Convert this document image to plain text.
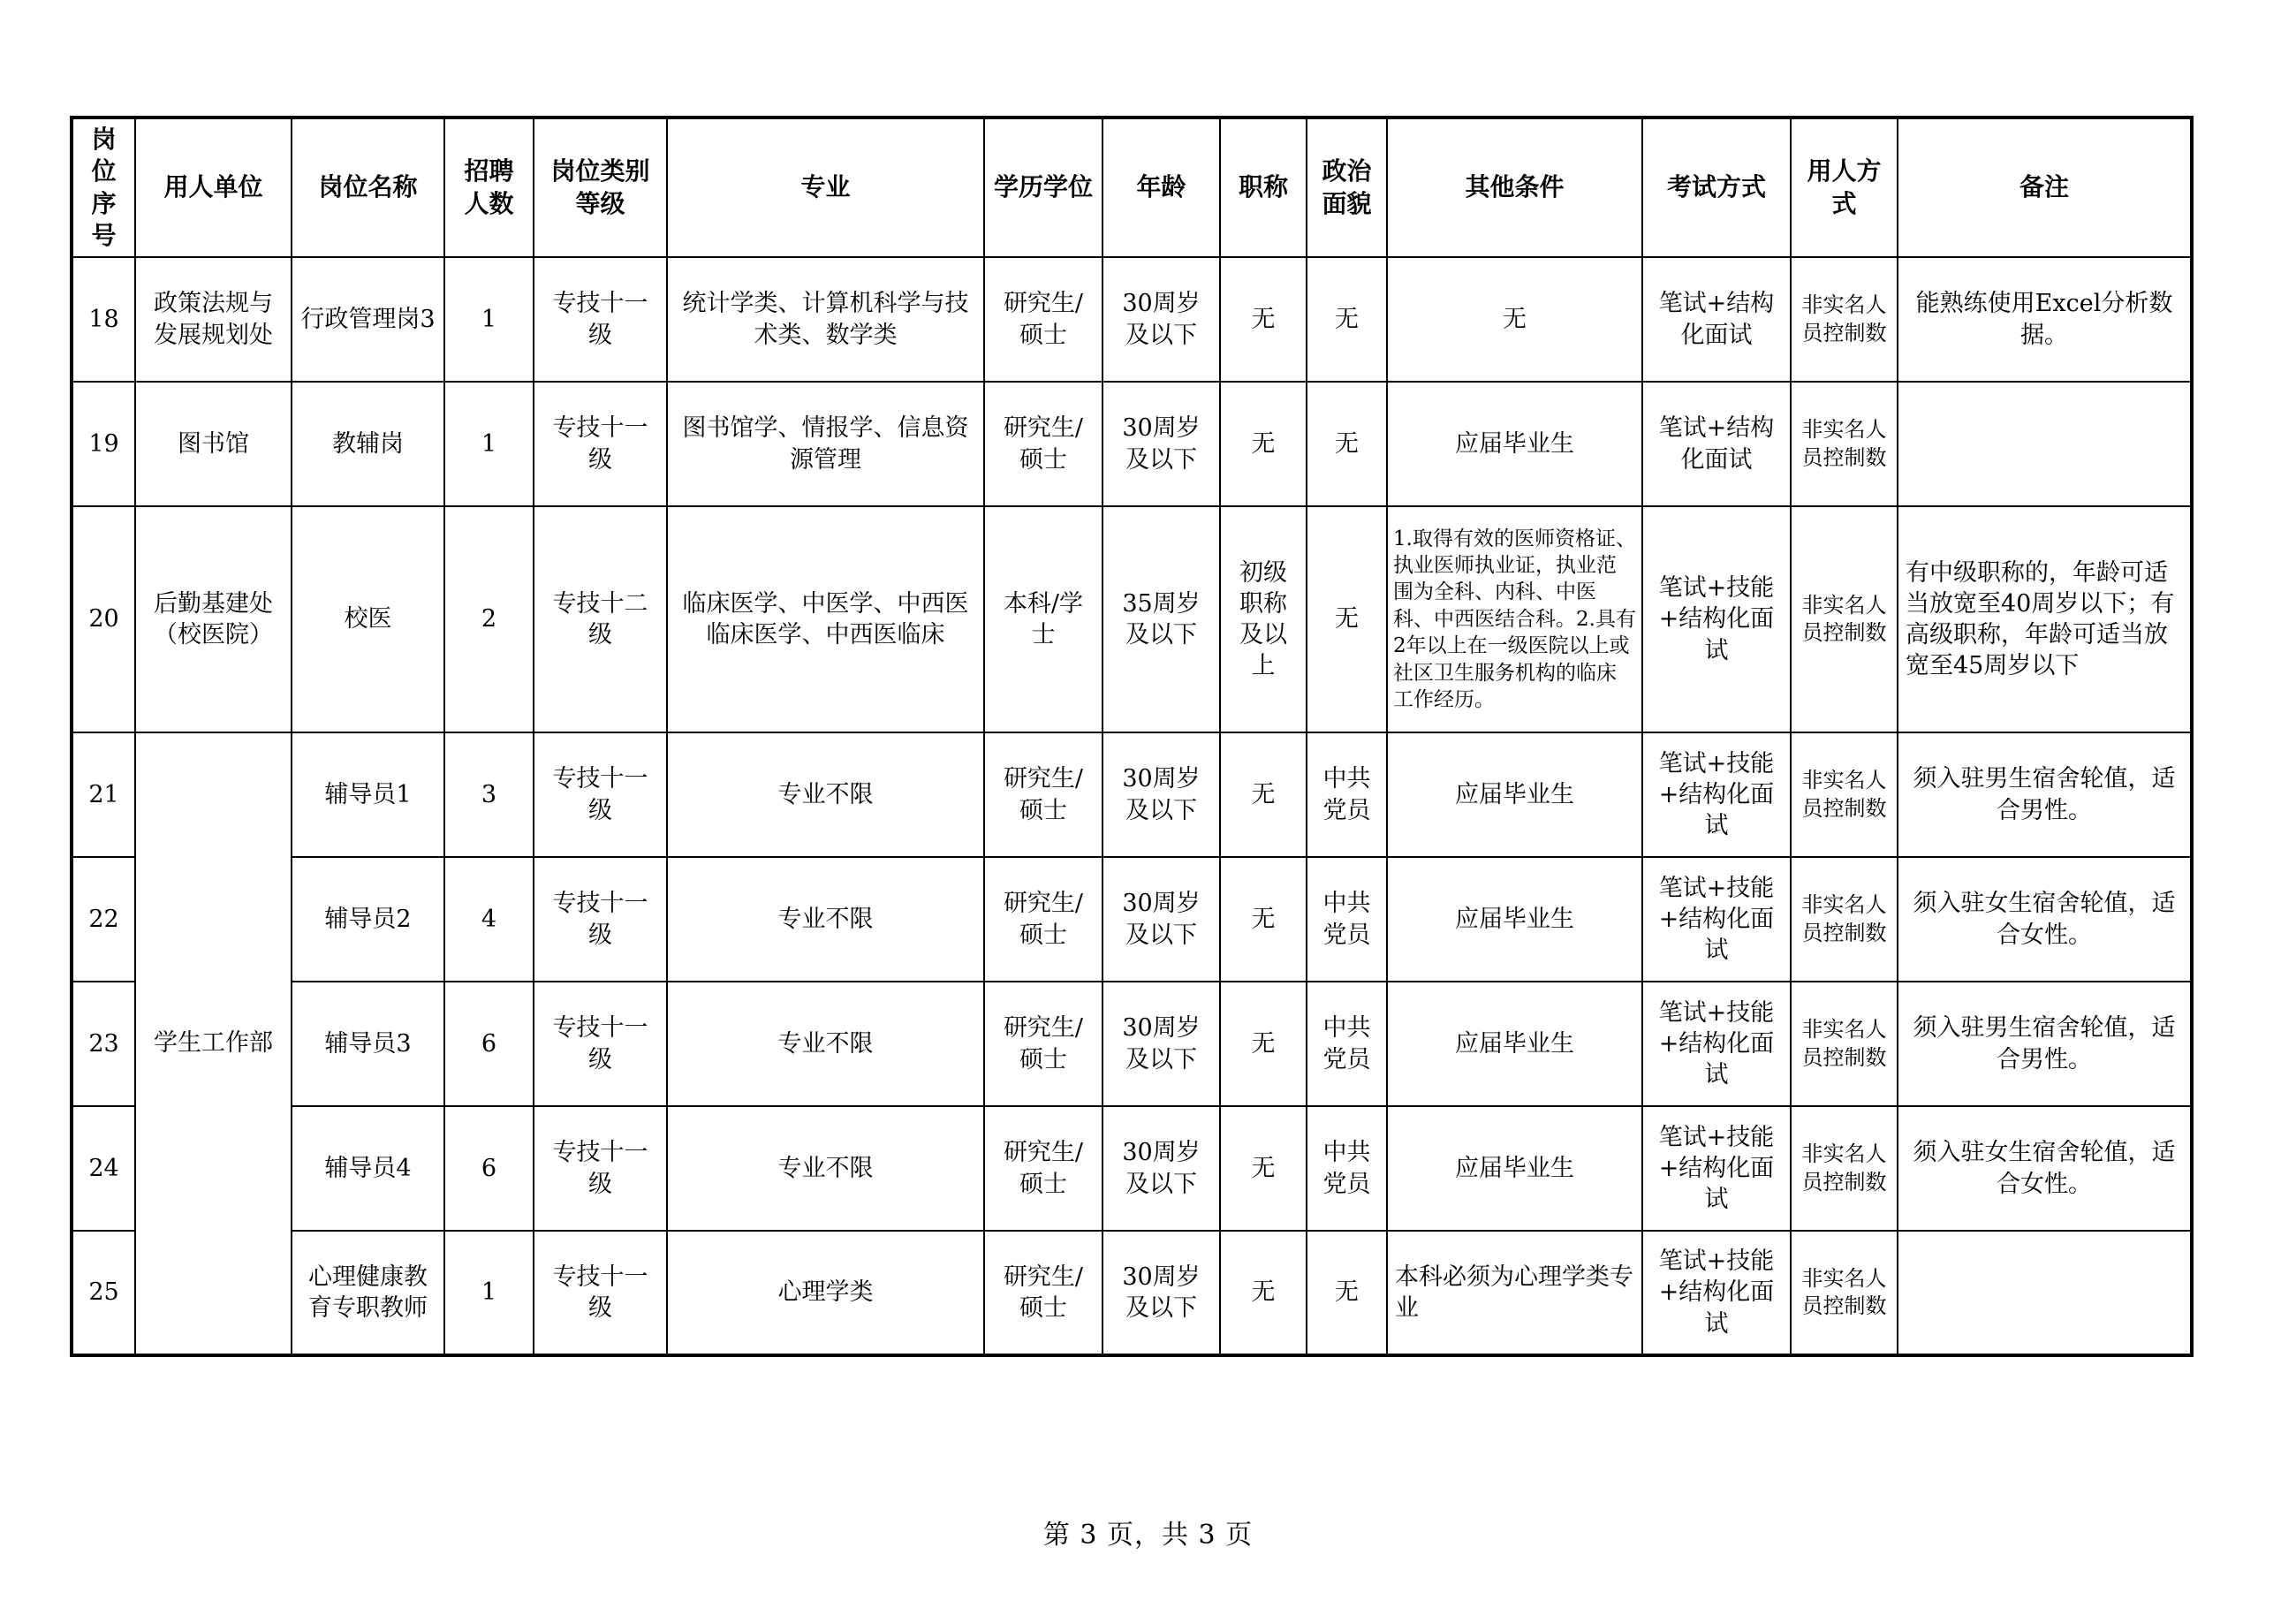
岗位序号	用人单位	岗位名称	招聘人数	岗位类别等级	专业	学历学位	年龄	职称	政治面貌	其他条件	考试方式	用人方式	备注
18	政策法规与发展规划处	行政管理岗3	1	专技十一级	统计学类、计算机科学与技术类、数学类	研究生/硕士	30周岁及以下	无	无	无	笔试+结构化面试	非实名人员控制数	能熟练使用Excel分析数据。
19	图书馆	教辅岗	1	专技十一级	图书馆学、情报学、信息资源管理	研究生/硕士	30周岁及以下	无	无	应届毕业生	笔试+结构化面试	非实名人员控制数	
20	后勤基建处（校医院）	校医	2	专技十二级	临床医学、中医学、中西医临床医学、中西医临床	本科/学士	35周岁及以下	初级职称及以上	无	1.取得有效的医师资格证、执业医师执业证，执业范围为全科、内科、中医科、中西医结合科。2.具有2年以上在一级医院以上或社区卫生服务机构的临床工作经历。	笔试+技能+结构化面试	非实名人员控制数	有中级职称的，年龄可适当放宽至40周岁以下；有高级职称，年龄可适当放宽至45周岁以下
21	学生工作部	辅导员1	3	专技十一级	专业不限	研究生/硕士	30周岁及以下	无	中共党员	应届毕业生	笔试+技能+结构化面试	非实名人员控制数	须入驻男生宿舍轮值，适合男性。
22		辅导员2	4	专技十一级	专业不限	研究生/硕士	30周岁及以下	无	中共党员	应届毕业生	笔试+技能+结构化面试	非实名人员控制数	须入驻女生宿舍轮值，适合女性。
23		辅导员3	6	专技十一级	专业不限	研究生/硕士	30周岁及以下	无	中共党员	应届毕业生	笔试+技能+结构化面试	非实名人员控制数	须入驻男生宿舍轮值，适合男性。
24		辅导员4	6	专技十一级	专业不限	研究生/硕士	30周岁及以下	无	中共党员	应届毕业生	笔试+技能+结构化面试	非实名人员控制数	须入驻女生宿舍轮值，适合女性。
25		心理健康教育专职教师	1	专技十一级	心理学类	研究生/硕士	30周岁及以下	无	无	本科必须为心理学类专业	笔试+技能+结构化面试	非实名人员控制数	
第 3 页，共 3 页
